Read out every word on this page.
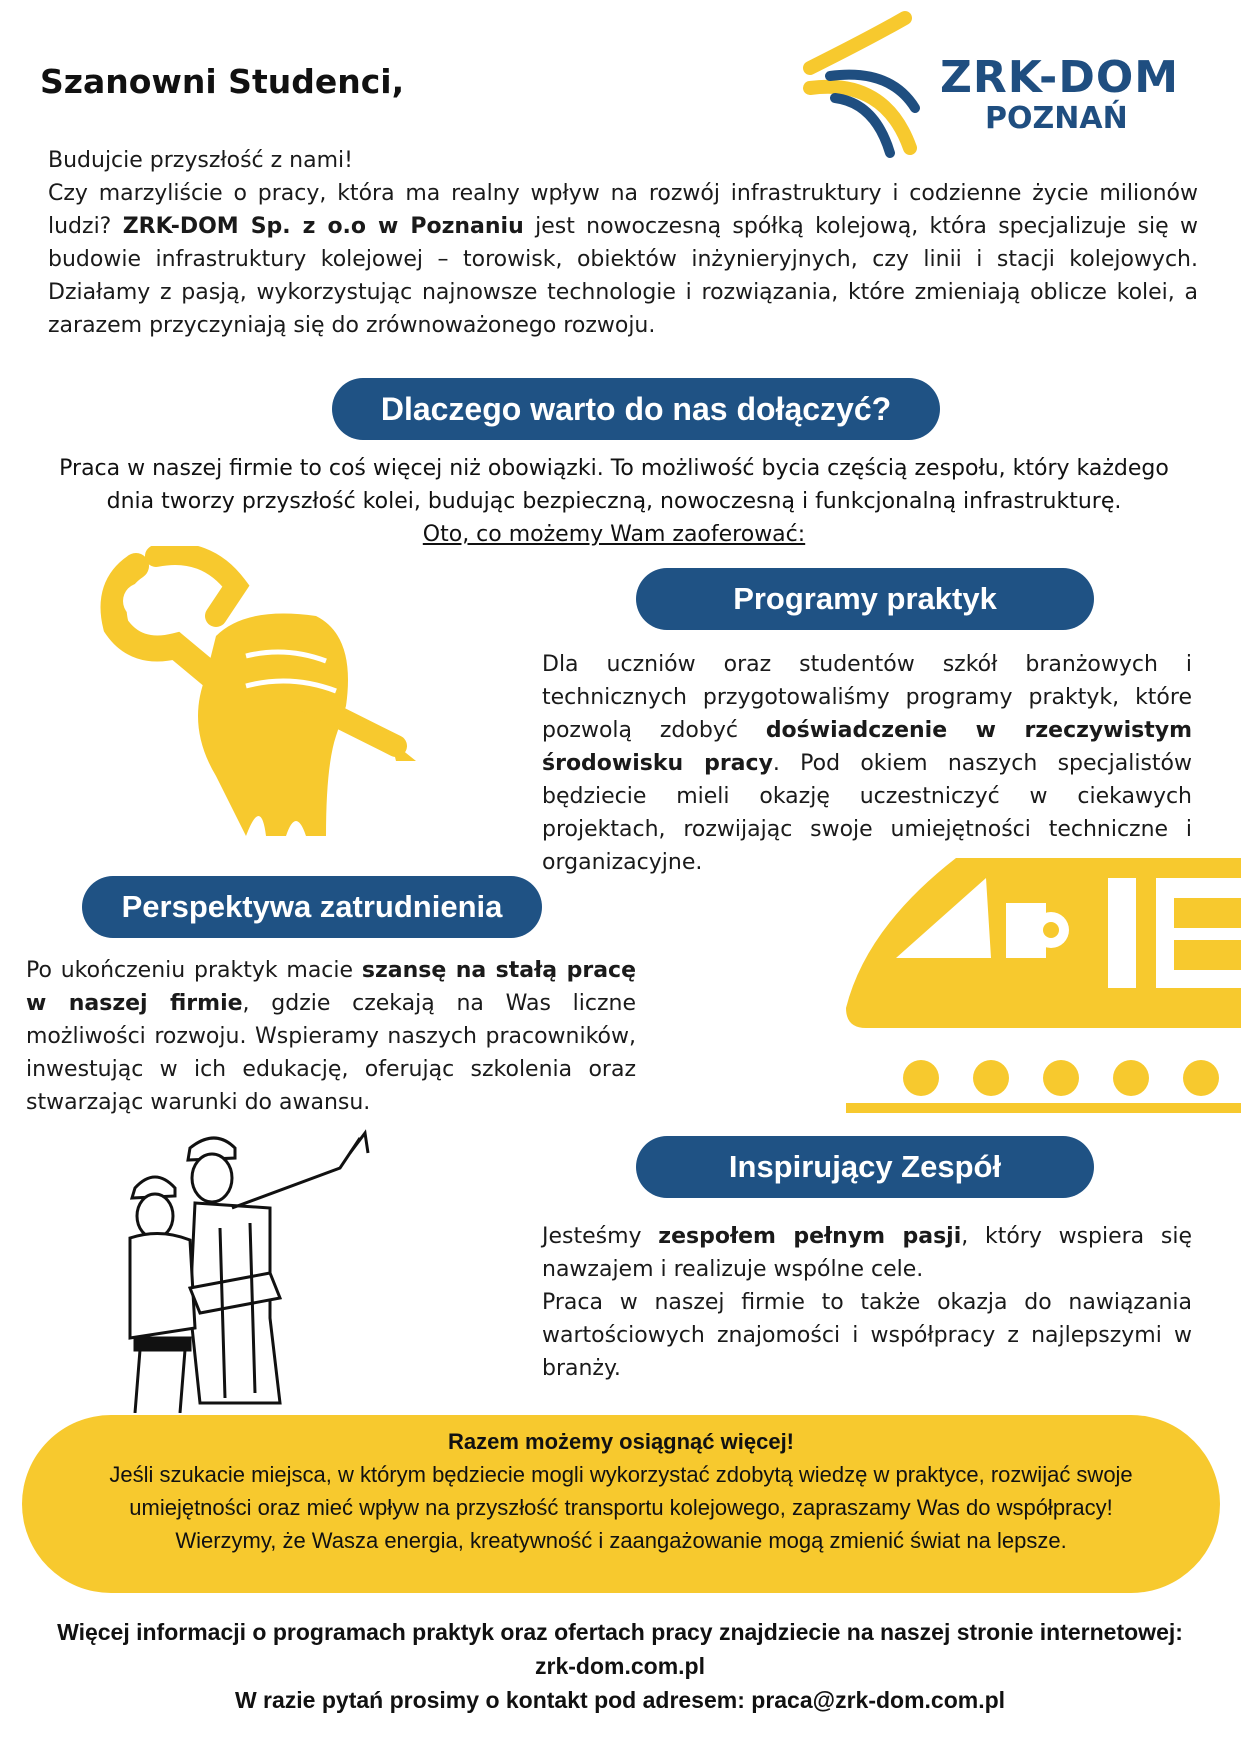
Szanowni Studenci,	ZRK-DOM
POZNAŃ
Budujcie przyszłość z nami!
Czy marzyliście o pracy, która ma realny wpływ na rozwój infrastruktury i codzienne życie milionów ludzi? ZRK-DOM Sp. z o.o w Poznaniu jest nowoczesną spółką kolejową, która specjalizuje się w budowie infrastruktury kolejowej – torowisk, obiektów inżynieryjnych, czy linii i stacji kolejowych. Działamy z pasją, wykorzystując najnowsze technologie i rozwiązania, które zmieniają oblicze kolei, a zarazem przyczyniają się do zrównoważonego rozwoju.
Dlaczego warto do nas dołączyć?
Praca w naszej firmie to coś więcej niż obowiązki. To możliwość bycia częścią zespołu, który każdego dnia tworzy przyszłość kolei, budując bezpieczną, nowoczesną i funkcjonalną infrastrukturę.
Oto, co możemy Wam zaoferować:
Programy praktyk
Dla uczniów oraz studentów szkół branżowych i technicznych przygotowaliśmy programy praktyk, które pozwolą zdobyć doświadczenie w rzeczywistym środowisku pracy. Pod okiem naszych specjalistów będziecie mieli okazję uczestniczyć w ciekawych projektach, rozwijając swoje umiejętności techniczne i organizacyjne.
Perspektywa zatrudnienia
Po ukończeniu praktyk macie szansę na stałą pracę w naszej firmie, gdzie czekają na Was liczne możliwości rozwoju. Wspieramy naszych pracowników, inwestując w ich edukację, oferując szkolenia oraz stwarzając warunki do awansu.
Inspirujący Zespół
Jesteśmy zespołem pełnym pasji, który wspiera się nawzajem i realizuje wspólne cele.
Praca w naszej firmie to także okazja do nawiązania wartościowych znajomości i współpracy z najlepszymi w branży.
Razem możemy osiągnąć więcej!
Jeśli szukacie miejsca, w którym będziecie mogli wykorzystać zdobytą wiedzę w praktyce, rozwijać swoje umiejętności oraz mieć wpływ na przyszłość transportu kolejowego, zapraszamy Was do współpracy! Wierzymy, że Wasza energia, kreatywność i zaangażowanie mogą zmienić świat na lepsze.
Więcej informacji o programach praktyk oraz ofertach pracy znajdziecie na naszej stronie internetowej: zrk-dom.com.pl
W razie pytań prosimy o kontakt pod adresem: praca@zrk-dom.com.pl
